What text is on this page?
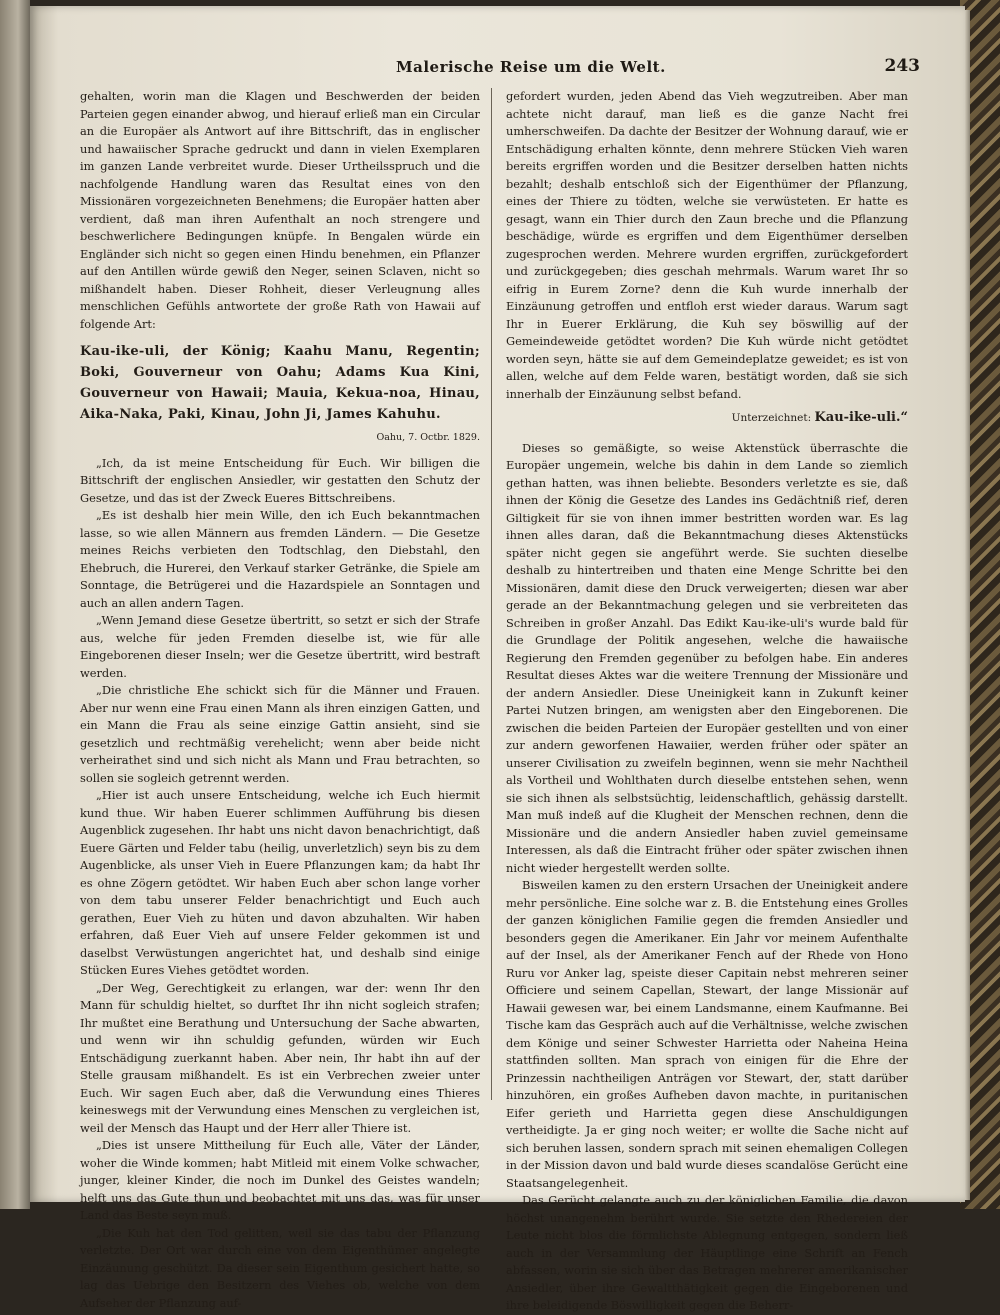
Malerische Reise um die Welt.	243

gehalten, worin man die Klagen und Beschwerden der beiden Parteien gegen einander abwog, und hierauf erließ man ein Circular an die Europäer als Antwort auf ihre Bittschrift, das in englischer und hawaiischer Sprache gedruckt und dann in vielen Exemplaren im ganzen Lande verbreitet wurde. Dieser Urtheilsspruch und die nachfolgende Handlung waren das Resultat eines von den Missionären vorgezeichneten Benehmens; die Europäer hatten aber verdient, daß man ihren Aufenthalt an noch strengere und beschwerlichere Bedingungen knüpfe. In Bengalen würde ein Engländer sich nicht so gegen einen Hindu benehmen, ein Pflanzer auf den Antillen würde gewiß den Neger, seinen Sclaven, nicht so mißhandelt haben. Dieser Rohheit, dieser Verleugnung alles menschlichen Gefühls antwortete der große Rath von Hawaii auf folgende Art:

Kau-ike-uli, der König; Kaahu Manu, Regentin; Boki, Gouverneur von Oahu; Adams Kua Kini, Gouverneur von Hawaii; Mauia, Kekua-noa, Hinau, Aika-Naka, Paki, Kinau, John Ji, James Kahuhu.

Oahu, 7. Octbr. 1829.

„Ich, da ist meine Entscheidung für Euch. Wir billigen die Bittschrift der englischen Ansiedler, wir gestatten den Schutz der Gesetze, und das ist der Zweck Eueres Bittschreibens.

„Es ist deshalb hier mein Wille, den ich Euch bekanntmachen lasse, so wie allen Männern aus fremden Ländern. — Die Gesetze meines Reichs verbieten den Todtschlag, den Diebstahl, den Ehebruch, die Hurerei, den Verkauf starker Getränke, die Spiele am Sonntage, die Betrügerei und die Hazardspiele an Sonntagen und auch an allen andern Tagen.

„Wenn Jemand diese Gesetze übertritt, so setzt er sich der Strafe aus, welche für jeden Fremden dieselbe ist, wie für alle Eingeborenen dieser Inseln; wer die Gesetze übertritt, wird bestraft werden.

„Die christliche Ehe schickt sich für die Männer und Frauen. Aber nur wenn eine Frau einen Mann als ihren einzigen Gatten, und ein Mann die Frau als seine einzige Gattin ansieht, sind sie gesetzlich und rechtmäßig verehelicht; wenn aber beide nicht verheirathet sind und sich nicht als Mann und Frau betrachten, so sollen sie sogleich getrennt werden.

„Hier ist auch unsere Entscheidung, welche ich Euch hiermit kund thue. Wir haben Euerer schlimmen Aufführung bis diesen Augenblick zugesehen. Ihr habt uns nicht davon benachrichtigt, daß Euere Gärten und Felder tabu (heilig, unverletzlich) seyn bis zu dem Augenblicke, als unser Vieh in Euere Pflanzungen kam; da habt Ihr es ohne Zögern getödtet. Wir haben Euch aber schon lange vorher von dem tabu unserer Felder benachrichtigt und Euch auch gerathen, Euer Vieh zu hüten und davon abzuhalten. Wir haben erfahren, daß Euer Vieh auf unsere Felder gekommen ist und daselbst Verwüstungen angerichtet hat, und deshalb sind einige Stücken Eures Viehes getödtet worden.

„Der Weg, Gerechtigkeit zu erlangen, war der: wenn Ihr den Mann für schuldig hieltet, so durftet Ihr ihn nicht sogleich strafen; Ihr mußtet eine Berathung und Untersuchung der Sache abwarten, und wenn wir ihn schuldig gefunden, würden wir Euch Entschädigung zuerkannt haben. Aber nein, Ihr habt ihn auf der Stelle grausam mißhandelt. Es ist ein Verbrechen zweier unter Euch. Wir sagen Euch aber, daß die Verwundung eines Thieres keineswegs mit der Verwundung eines Menschen zu vergleichen ist, weil der Mensch das Haupt und der Herr aller Thiere ist.

„Dies ist unsere Mittheilung für Euch alle, Väter der Länder, woher die Winde kommen; habt Mitleid mit einem Volke schwacher, junger, kleiner Kinder, die noch im Dunkel des Geistes wandeln; helft uns das Gute thun und beobachtet mit uns das, was für unser Land das Beste seyn muß.

„Die Kuh hat den Tod gelitten, weil sie das tabu der Pflanzung verletzte. Der Ort war durch eine von dem Eigenthümer angelegte Einzäunung geschützt. Da dieser sein Eigenthum gesichert hatte, so lag das Uebrige den Besitzern des Viehes ob, welche von dem Aufseher der Pflanzung auf-

gefordert wurden, jeden Abend das Vieh wegzutreiben. Aber man achtete nicht darauf, man ließ es die ganze Nacht frei umherschweifen. Da dachte der Besitzer der Wohnung darauf, wie er Entschädigung erhalten könnte, denn mehrere Stücken Vieh waren bereits ergriffen worden und die Besitzer derselben hatten nichts bezahlt; deshalb entschloß sich der Eigenthümer der Pflanzung, eines der Thiere zu tödten, welche sie verwüsteten. Er hatte es gesagt, wann ein Thier durch den Zaun breche und die Pflanzung beschädige, würde es ergriffen und dem Eigenthümer derselben zugesprochen werden. Mehrere wurden ergriffen, zurückgefordert und zurückgegeben; dies geschah mehrmals. Warum waret Ihr so eifrig in Eurem Zorne? denn die Kuh wurde innerhalb der Einzäunung getroffen und entfloh erst wieder daraus. Warum sagt Ihr in Euerer Erklärung, die Kuh sey böswillig auf der Gemeindeweide getödtet worden? Die Kuh würde nicht getödtet worden seyn, hätte sie auf dem Gemeindeplatze geweidet; es ist von allen, welche auf dem Felde waren, bestätigt worden, daß sie sich innerhalb der Einzäunung selbst befand.

Unterzeichnet: Kau-ike-uli.“

Dieses so gemäßigte, so weise Aktenstück überraschte die Europäer ungemein, welche bis dahin in dem Lande so ziemlich gethan hatten, was ihnen beliebte. Besonders verletzte es sie, daß ihnen der König die Gesetze des Landes ins Gedächtniß rief, deren Giltigkeit für sie von ihnen immer bestritten worden war. Es lag ihnen alles daran, daß die Bekanntmachung dieses Aktenstücks später nicht gegen sie angeführt werde. Sie suchten dieselbe deshalb zu hintertreiben und thaten eine Menge Schritte bei den Missionären, damit diese den Druck verweigerten; diesen war aber gerade an der Bekanntmachung gelegen und sie verbreiteten das Schreiben in großer Anzahl. Das Edikt Kau-ike-uli's wurde bald für die Grundlage der Politik angesehen, welche die hawaiische Regierung den Fremden gegenüber zu befolgen habe. Ein anderes Resultat dieses Aktes war die weitere Trennung der Missionäre und der andern Ansiedler. Diese Uneinigkeit kann in Zukunft keiner Partei Nutzen bringen, am wenigsten aber den Eingeborenen. Die zwischen die beiden Parteien der Europäer gestellten und von einer zur andern geworfenen Hawaiier, werden früher oder später an unserer Civilisation zu zweifeln beginnen, wenn sie mehr Nachtheil als Vortheil und Wohlthaten durch dieselbe entstehen sehen, wenn sie sich ihnen als selbstsüchtig, leidenschaftlich, gehässig darstellt. Man muß indeß auf die Klugheit der Menschen rechnen, denn die Missionäre und die andern Ansiedler haben zuviel gemeinsame Interessen, als daß die Eintracht früher oder später zwischen ihnen nicht wieder hergestellt werden sollte.

Bisweilen kamen zu den erstern Ursachen der Uneinigkeit andere mehr persönliche. Eine solche war z. B. die Entstehung eines Grolles der ganzen königlichen Familie gegen die fremden Ansiedler und besonders gegen die Amerikaner. Ein Jahr vor meinem Aufenthalte auf der Insel, als der Amerikaner Fench auf der Rhede von Hono Ruru vor Anker lag, speiste dieser Capitain nebst mehreren seiner Officiere und seinem Capellan, Stewart, der lange Missionär auf Hawaii gewesen war, bei einem Landsmanne, einem Kaufmanne. Bei Tische kam das Gespräch auch auf die Verhältnisse, welche zwischen dem Könige und seiner Schwester Harrietta oder Naheina Heina stattfinden sollten. Man sprach von einigen für die Ehre der Prinzessin nachtheiligen Anträgen vor Stewart, der, statt darüber hinzuhören, ein großes Aufheben davon machte, in puritanischen Eifer gerieth und Harrietta gegen diese Anschuldigungen vertheidigte. Ja er ging noch weiter; er wollte die Sache nicht auf sich beruhen lassen, sondern sprach mit seinen ehemaligen Collegen in der Mission davon und bald wurde dieses scandalöse Gerücht eine Staatsangelegenheit.

Das Gerücht gelangte auch zu der königlichen Familie, die davon höchst unangenehm berührt wurde. Sie setzte den Rhedereien der Leute nicht blos die förmlichste Ablegnung entgegen, sondern ließ auch in der Versammlung der Häuptlinge eine Schrift an Fench abfassen, worin sie sich über das Betragen mehrerer amerikanischer Ansiedler, über ihre Gewaltthätigkeit gegen die Eingeborenen und ihre beleidigende Böswilligkeit gegen die Beherr-
